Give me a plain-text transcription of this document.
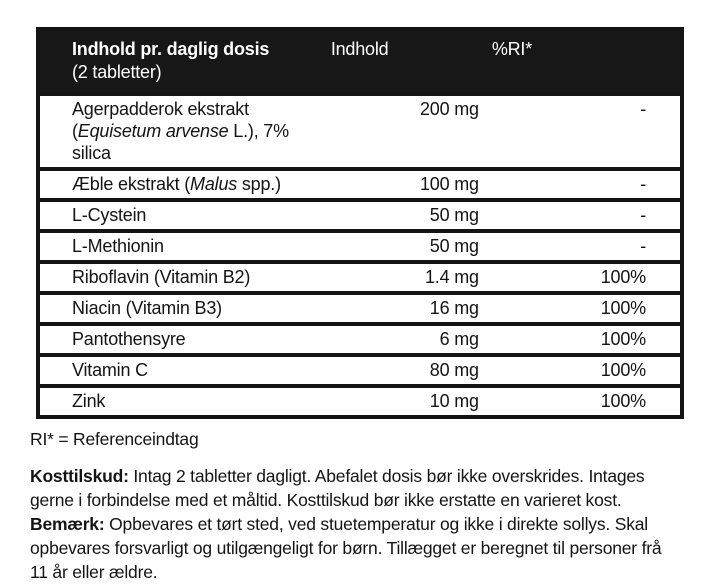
Indhold pr. daglig dosis
(2 tabletter)	Indhold	%RI*
Agerpadderok ekstrakt
(Equisetum arvense L.), 7% silica	200 mg	-
Æble ekstrakt (Malus spp.)	100 mg	-
L-Cystein	50 mg	-
L-Methionin	50 mg	-
Riboflavin (Vitamin B2)	1.4 mg	100%
Niacin (Vitamin B3)	16 mg	100%
Pantothensyre	6 mg	100%
Vitamin C	80 mg	100%
Zink	10 mg	100%

RI* = Referenceindtag

Kosttilskud: Intag 2 tabletter dagligt. Abefalet dosis bør ikke overskrides. Intages gerne i forbindelse med et måltid. Kosttilskud bør ikke erstatte en varieret kost. Bemærk: Opbevares et tørt sted, ved stuetemperatur og ikke i direkte sollys. Skal opbevares forsvarligt og utilgængeligt for børn. Tillægget er beregnet til personer frå 11 år eller ældre.
